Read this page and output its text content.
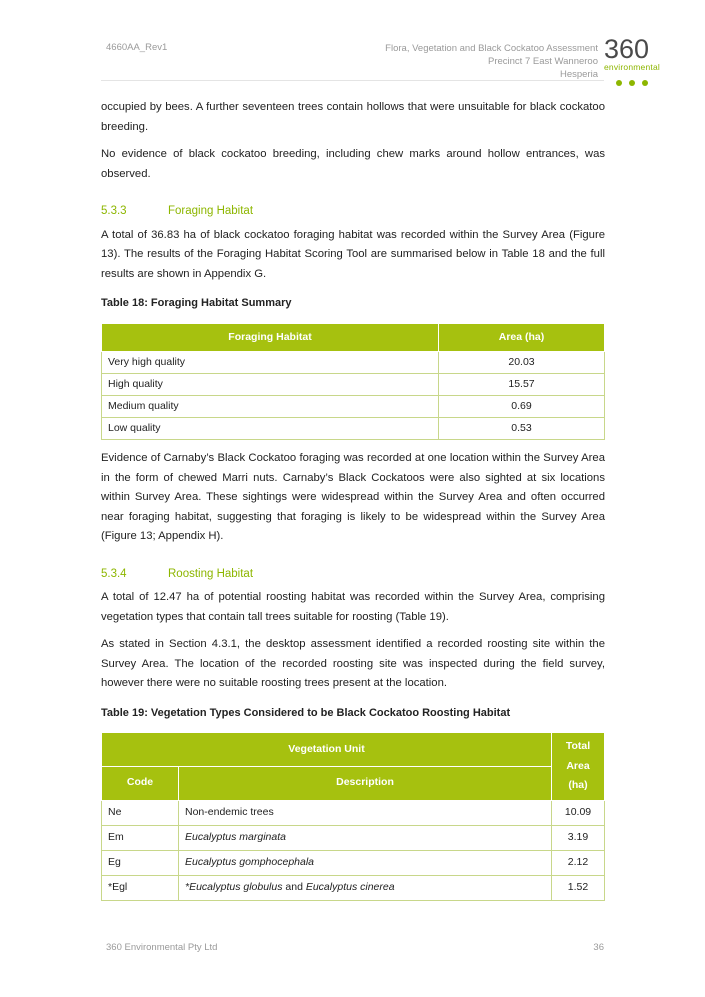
4660AA_Rev1	Flora, Vegetation and Black Cockatoo Assessment
Precinct 7 East Wanneroo
Hesperia
360
environmental

occupied by bees. A further seventeen trees contain hollows that were unsuitable for black cockatoo breeding.

No evidence of black cockatoo breeding, including chew marks around hollow entrances, was observed.

5.3.3	Foraging Habitat

A total of 36.83 ha of black cockatoo foraging habitat was recorded within the Survey Area (Figure 13). The results of the Foraging Habitat Scoring Tool are summarised below in Table 18 and the full results are shown in Appendix G.

Table 18: Foraging Habitat Summary
Foraging Habitat	Area (ha)
Very high quality	20.03
High quality	15.57
Medium quality	0.69
Low quality	0.53

Evidence of Carnaby’s Black Cockatoo foraging was recorded at one location within the Survey Area in the form of chewed Marri nuts. Carnaby’s Black Cockatoos were also sighted at six locations within Survey Area. These sightings were widespread within the Survey Area and often occurred near foraging habitat, suggesting that foraging is likely to be widespread within the Survey Area (Figure 13; Appendix H).

5.3.4	Roosting Habitat

A total of 12.47 ha of potential roosting habitat was recorded within the Survey Area, comprising vegetation types that contain tall trees suitable for roosting (Table 19).

As stated in Section 4.3.1, the desktop assessment identified a recorded roosting site within the Survey Area. The location of the recorded roosting site was inspected during the field survey, however there were no suitable roosting trees present at the location.

Table 19: Vegetation Types Considered to be Black Cockatoo Roosting Habitat
Vegetation Unit		Total Area (ha)
Code	Description	
Ne	Non-endemic trees	10.09
Em	Eucalyptus marginata	3.19
Eg	Eucalyptus gomphocephala	2.12
*Egl	*Eucalyptus globulus and Eucalyptus cinerea	1.52
360 Environmental Pty Ltd	36
